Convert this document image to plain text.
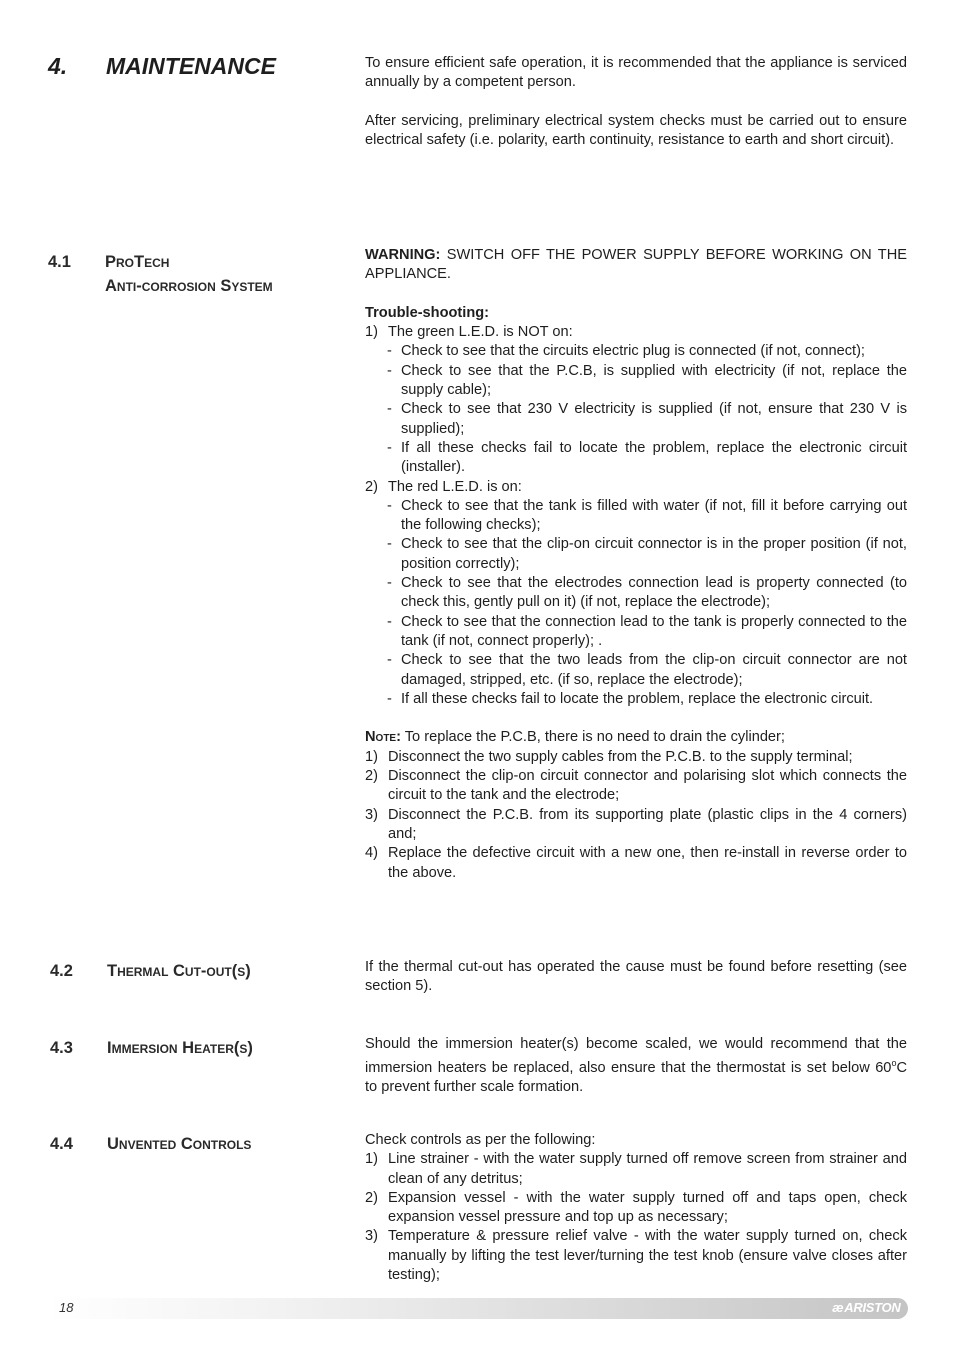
4. MAINTENANCE	To ensure efficient safe operation, it is recommended that the appliance is serviced annually by a competent person.

After servicing, preliminary electrical system checks must be carried out to ensure electrical safety (i.e. polarity, earth continuity, resistance to earth and short circuit).

4.1 ProTech
Anti-corrosion System

WARNING: SWITCH OFF THE POWER SUPPLY BEFORE WORKING ON THE APPLIANCE.

Trouble-shooting:

1) The green L.E.D. is NOT on:
- Check to see that the circuits electric plug is connected (if not, connect);
- Check to see that the P.C.B, is supplied with electricity (if not, replace the supply cable);
- Check to see that 230 V electricity is supplied (if not, ensure that 230 V is supplied);
- If all these checks fail to locate the problem, replace the electronic circuit (installer).
2) The red L.E.D. is on:
- Check to see that the tank is filled with water (if not, fill it before carrying out the following checks);
- Check to see that the clip-on circuit connector is in the proper position (if not, position correctly);
- Check to see that the electrodes connection lead is property connected (to check this, gently pull on it) (if not, replace the electrode);
- Check to see that the connection lead to the tank is properly connected to the tank (if not, connect properly); .
- Check to see that the two leads from the clip-on circuit connector are not damaged, stripped, etc. (if so, replace the electrode);
- If all these checks fail to locate the problem, replace the electronic circuit.

Note: To replace the P.C.B, there is no need to drain the cylinder;

1) Disconnect the two supply cables from the P.C.B. to the supply terminal;
2) Disconnect the clip-on circuit connector and polarising slot which connects the circuit to the tank and the electrode;
3) Disconnect the P.C.B. from its supporting plate (plastic clips in the 4 corners) and;
4) Replace the defective circuit with a new one, then re-install in reverse order to the above.
4.2 Thermal Cut-out(s)	If the thermal cut-out has operated the cause must be found before resetting (see section 5).

4.3 Immersion Heater(s)	Should the immersion heater(s) become scaled, we would recommend that the immersion heaters be replaced, also ensure that the thermostat is set below 60$^o$C to prevent further scale formation.

4.4 Unvented Controls	Check controls as per the following:

1) Line strainer - with the water supply turned off remove screen from strainer and clean of any detritus;
2) Expansion vessel - with the water supply turned off and taps open, check expansion vessel pressure and top up as necessary;
3) Temperature & pressure relief valve - with the water supply turned on, check manually by lifting the test lever/turning the test knob (ensure valve closes after testing);
18	æARISTON
